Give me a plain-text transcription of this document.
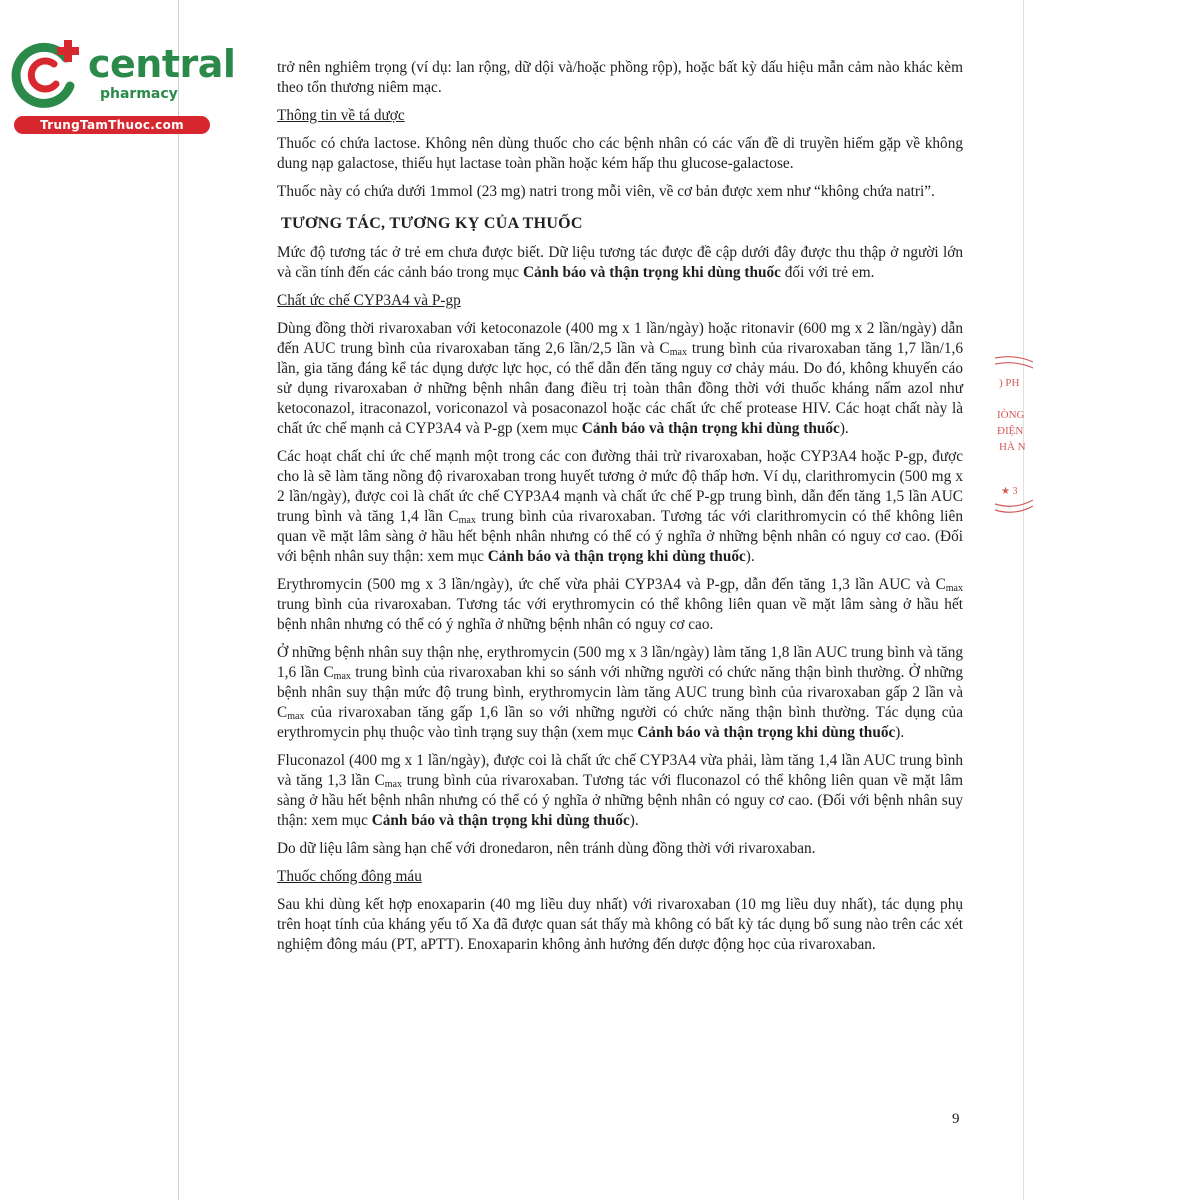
central
pharmacy
TrungTamThuoc.com
) PH
IÒNG
ĐIỆN
HÀ N
★ 3

trở nên nghiêm trọng (ví dụ: lan rộng, dữ dội và/hoặc phồng rộp), hoặc bất kỳ dấu hiệu mẫn cảm nào khác kèm theo tổn thương niêm mạc.

Thông tin về tá dược

Thuốc có chứa lactose. Không nên dùng thuốc cho các bệnh nhân có các vấn đề di truyền hiếm gặp về không dung nạp galactose, thiếu hụt lactase toàn phần hoặc kém hấp thu glucose-galactose.

Thuốc này có chứa dưới 1mmol (23 mg) natri trong mỗi viên, về cơ bản được xem như “không chứa natri”.

TƯƠNG TÁC, TƯƠNG KỴ CỦA THUỐC

Mức độ tương tác ở trẻ em chưa được biết. Dữ liệu tương tác được đề cập dưới đây được thu thập ở người lớn và cần tính đến các cảnh báo trong mục Cảnh báo và thận trọng khi dùng thuốc đối với trẻ em.

Chất ức chế CYP3A4 và P-gp

Dùng đồng thời rivaroxaban với ketoconazole (400 mg x 1 lần/ngày) hoặc ritonavir (600 mg x 2 lần/ngày) dẫn đến AUC trung bình của rivaroxaban tăng 2,6 lần/2,5 lần và $C_{max}$ trung bình của rivaroxaban tăng 1,7 lần/1,6 lần, gia tăng đáng kể tác dụng dược lực học, có thể dẫn đến tăng nguy cơ chảy máu. Do đó, không khuyến cáo sử dụng rivaroxaban ở những bệnh nhân đang điều trị toàn thân đồng thời với thuốc kháng nấm azol như ketoconazol, itraconazol, voriconazol và posaconazol hoặc các chất ức chế protease HIV. Các hoạt chất này là chất ức chế mạnh cả CYP3A4 và P-gp (xem mục Cảnh báo và thận trọng khi dùng thuốc).

Các hoạt chất chỉ ức chế mạnh một trong các con đường thải trừ rivaroxaban, hoặc CYP3A4 hoặc P-gp, được cho là sẽ làm tăng nồng độ rivaroxaban trong huyết tương ở mức độ thấp hơn. Ví dụ, clarithromycin (500 mg x 2 lần/ngày), được coi là chất ức chế CYP3A4 mạnh và chất ức chế P-gp trung bình, dẫn đến tăng 1,5 lần AUC trung bình và tăng 1,4 lần $C_{max}$ trung bình của rivaroxaban. Tương tác với clarithromycin có thể không liên quan về mặt lâm sàng ở hầu hết bệnh nhân nhưng có thể có ý nghĩa ở những bệnh nhân có nguy cơ cao. (Đối với bệnh nhân suy thận: xem mục Cảnh báo và thận trọng khi dùng thuốc).

Erythromycin (500 mg x 3 lần/ngày), ức chế vừa phải CYP3A4 và P-gp, dẫn đến tăng 1,3 lần AUC và $C_{max}$ trung bình của rivaroxaban. Tương tác với erythromycin có thể không liên quan về mặt lâm sàng ở hầu hết bệnh nhân nhưng có thể có ý nghĩa ở những bệnh nhân có nguy cơ cao.

Ở những bệnh nhân suy thận nhẹ, erythromycin (500 mg x 3 lần/ngày) làm tăng 1,8 lần AUC trung bình và tăng 1,6 lần $C_{max}$ trung bình của rivaroxaban khi so sánh với những người có chức năng thận bình thường. Ở những bệnh nhân suy thận mức độ trung bình, erythromycin làm tăng AUC trung bình của rivaroxaban gấp 2 lần và $C_{max}$ của rivaroxaban tăng gấp 1,6 lần so với những người có chức năng thận bình thường. Tác dụng của erythromycin phụ thuộc vào tình trạng suy thận (xem mục Cảnh báo và thận trọng khi dùng thuốc).

Fluconazol (400 mg x 1 lần/ngày), được coi là chất ức chế CYP3A4 vừa phải, làm tăng 1,4 lần AUC trung bình và tăng 1,3 lần $C_{max}$ trung bình của rivaroxaban. Tương tác với fluconazol có thể không liên quan về mặt lâm sàng ở hầu hết bệnh nhân nhưng có thể có ý nghĩa ở những bệnh nhân có nguy cơ cao. (Đối với bệnh nhân suy thận: xem mục Cảnh báo và thận trọng khi dùng thuốc).

Do dữ liệu lâm sàng hạn chế với dronedaron, nên tránh dùng đồng thời với rivaroxaban.

Thuốc chống đông máu

Sau khi dùng kết hợp enoxaparin (40 mg liều duy nhất) với rivaroxaban (10 mg liều duy nhất), tác dụng phụ trên hoạt tính của kháng yếu tố Xa đã được quan sát thấy mà không có bất kỳ tác dụng bổ sung nào trên các xét nghiệm đông máu (PT, aPTT). Enoxaparin không ảnh hưởng đến dược động học của rivaroxaban.

9
